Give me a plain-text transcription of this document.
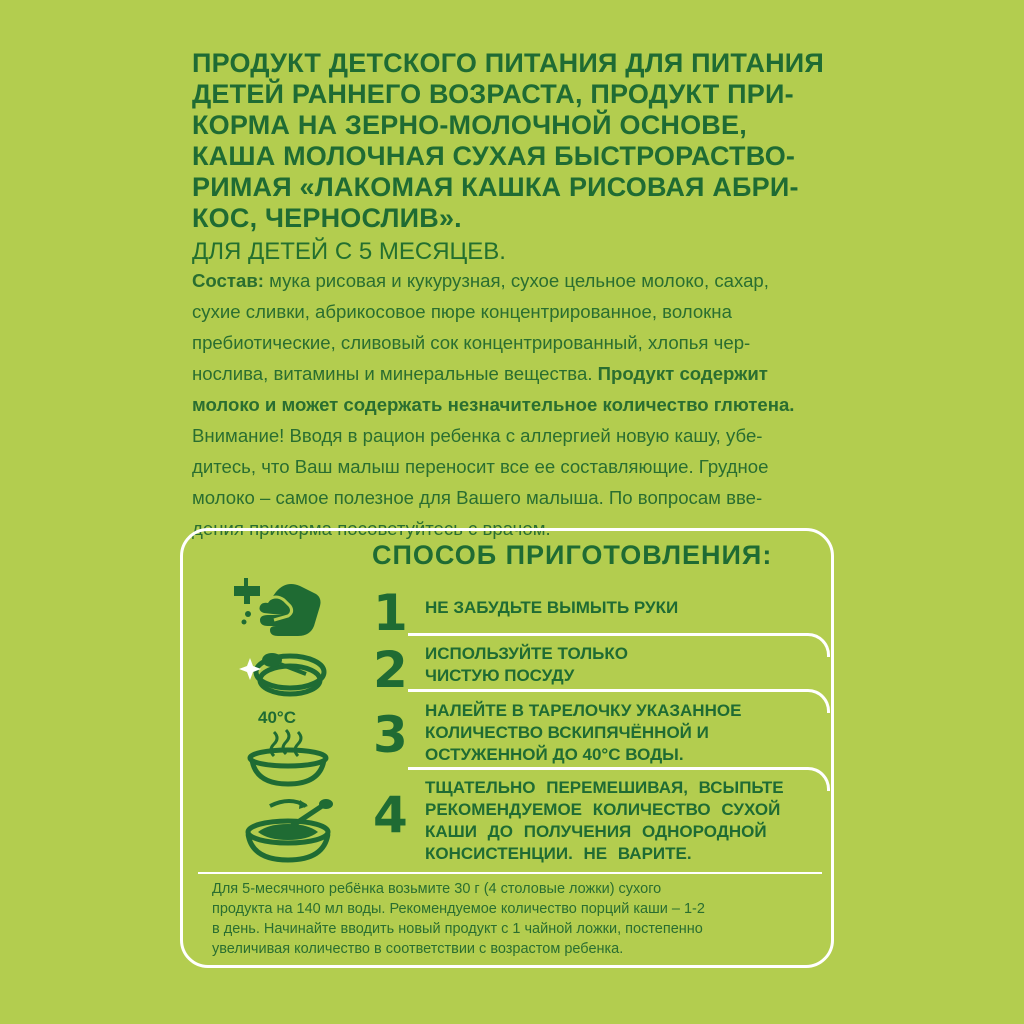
ПРОДУКТ ДЕТСКОГО ПИТАНИЯ ДЛЯ ПИТАНИЯ
ДЕТЕЙ РАННЕГО ВОЗРАСТА, ПРОДУКТ ПРИ-
КОРМА НА ЗЕРНО-МОЛОЧНОЙ ОСНОВЕ,
КАША МОЛОЧНАЯ СУХАЯ БЫСТРОРАСТВО-
РИМАЯ «ЛАКОМАЯ КАШКА РИСОВАЯ АБРИ-
КОС, ЧЕРНОСЛИВ».
ДЛЯ ДЕТЕЙ С 5 МЕСЯЦЕВ.
Состав: мука рисовая и кукурузная, сухое цельное молоко, сахар,
сухие сливки, абрикосовое пюре концентрированное, волокна
пребиотические, сливовый сок концентрированный, хлопья чер-
нослива, витамины и минеральные вещества. Продукт содержит
молоко и может содержать незначительное количество глютена.
Внимание! Вводя в рацион ребенка с аллергией новую кашу, убе-
дитесь, что Ваш малыш переносит все ее составляющие. Грудное
молоко – самое полезное для Вашего малыша. По вопросам вве-
дения прикорма посоветуйтесь с врачом.
СПОСОБ ПРИГОТОВЛЕНИЯ:
1
2
3
4
НЕ ЗАБУДЬТЕ ВЫМЫТЬ РУКИ
ИСПОЛЬЗУЙТЕ ТОЛЬКО
ЧИСТУЮ ПОСУДУ
НАЛЕЙТЕ В ТАРЕЛОЧКУ УКАЗАННОЕ
КОЛИЧЕСТВО ВСКИПЯЧЁННОЙ И
ОСТУЖЕННОЙ ДО 40°С ВОДЫ.
ТЩАТЕЛЬНО ПЕРЕМЕШИВАЯ, ВСЫПЬТЕ
РЕКОМЕНДУЕМОЕ КОЛИЧЕСТВО СУХОЙ
КАШИ ДО ПОЛУЧЕНИЯ ОДНОРОДНОЙ
КОНСИСТЕНЦИИ. НЕ ВАРИТЕ.
40°C
Для 5-месячного ребёнка возьмите 30 г (4 столовые ложки) сухого
продукта на 140 мл воды. Рекомендуемое количество порций каши – 1-2
в день. Начинайте вводить новый продукт с 1 чайной ложки, постепенно
увеличивая количество в соответствии с возрастом ребенка.
